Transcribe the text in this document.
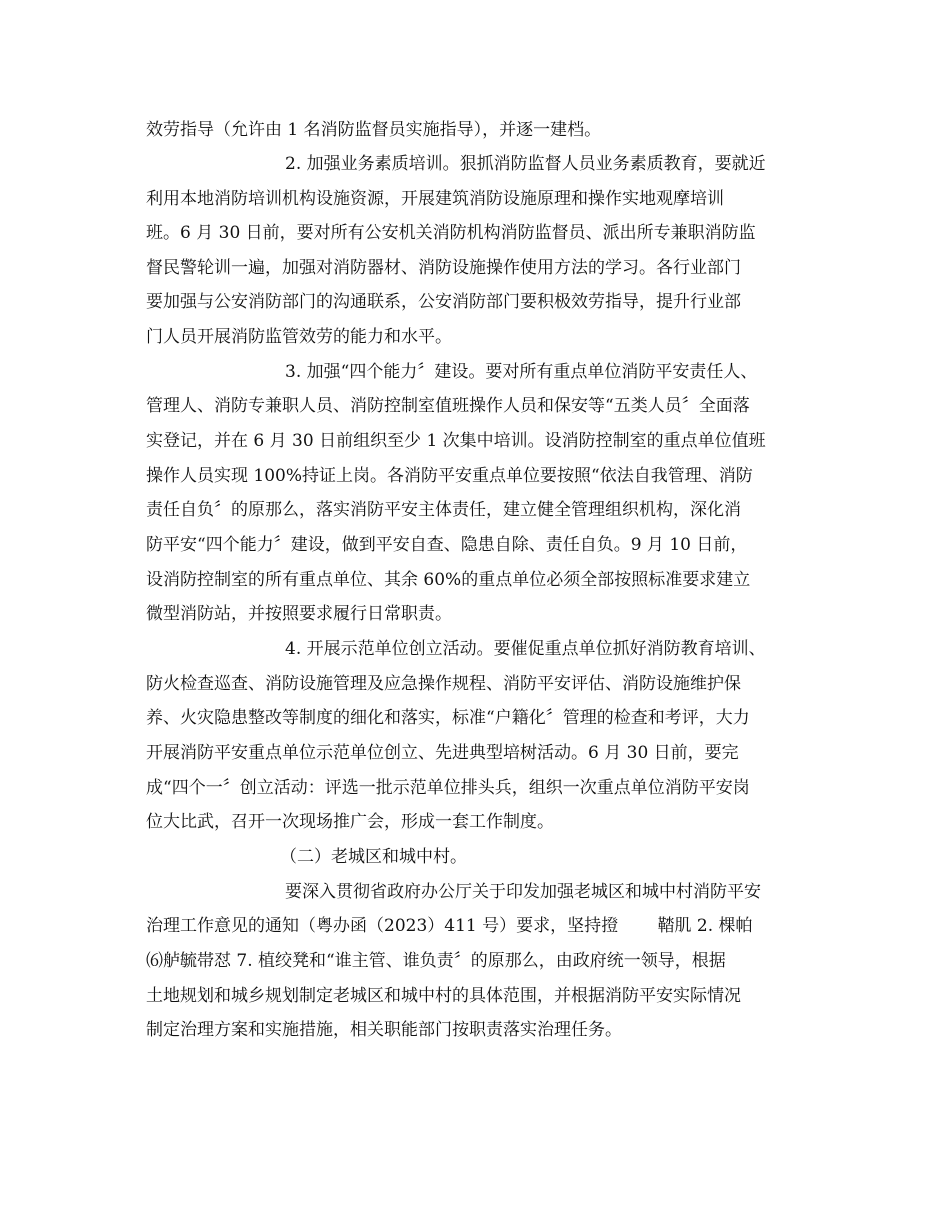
效劳指导（允许由 1 名消防监督员实施指导），并逐一建档。
2. 加强业务素质培训。狠抓消防监督人员业务素质教育，要就近
利用本地消防培训机构设施资源，开展建筑消防设施原理和操作实地观摩培训
班。6 月 30 日前，要对所有公安机关消防机构消防监督员、派出所专兼职消防监
督民警轮训一遍，加强对消防器材、消防设施操作使用方法的学习。各行业部门
要加强与公安消防部门的沟通联系，公安消防部门要积极效劳指导，提升行业部
门人员开展消防监管效劳的能力和水平。
3. 加强“四个能力〞建设。要对所有重点单位消防平安责任人、
管理人、消防专兼职人员、消防控制室值班操作人员和保安等“五类人员〞全面落
实登记，并在 6 月 30 日前组织至少 1 次集中培训。设消防控制室的重点单位值班
操作人员实现 100%持证上岗。各消防平安重点单位要按照“依法自我管理、消防
责任自负〞的原那么，落实消防平安主体责任，建立健全管理组织机构，深化消
防平安“四个能力〞建设，做到平安自查、隐患自除、责任自负。9 月 10 日前，
设消防控制室的所有重点单位、其余 60%的重点单位必须全部按照标准要求建立
微型消防站，并按照要求履行日常职责。
4. 开展示范单位创立活动。要催促重点单位抓好消防教育培训、
防火检查巡查、消防设施管理及应急操作规程、消防平安评估、消防设施维护保
养、火灾隐患整改等制度的细化和落实，标准“户籍化〞管理的检查和考评，大力
开展消防平安重点单位示范单位创立、先进典型培树活动。6 月 30 日前，要完
成“四个一〞创立活动：评选一批示范单位排头兵，组织一次重点单位消防平安岗
位大比武，召开一次现场推广会，形成一套工作制度。
（二）老城区和城中村。
要深入贯彻省政府办公厅关于印发加强老城区和城中村消防平安
治理工作意见的通知（粤办函（2023）411 号）要求，坚持撜　　 鞜肌 2. 棵帕
⑹舻毓帯怼 7. 植绞凳和“谁主管、谁负责〞的原那么，由政府统一领导，根据
土地规划和城乡规划制定老城区和城中村的具体范围，并根据消防平安实际情况
制定治理方案和实施措施，相关职能部门按职责落实治理任务。
